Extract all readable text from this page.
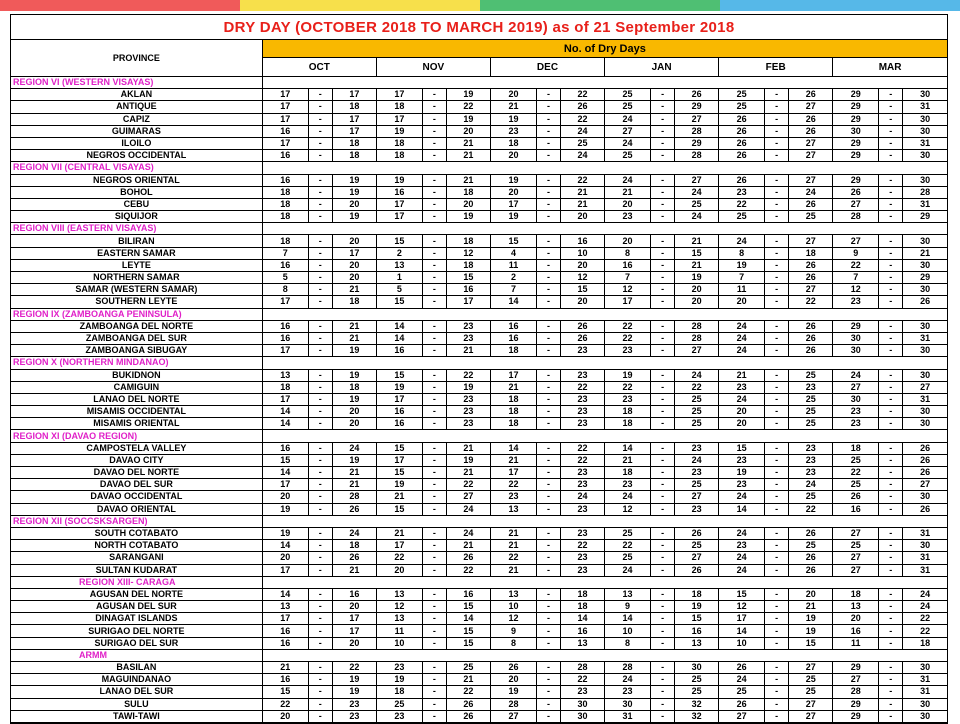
DRY DAY (OCTOBER 2018 TO MARCH 2019) as of 21 September 2018
PROVINCE	No. of Dry Days																	
	OCT			NOV			DEC			JAN			FEB			MAR		
REGION VI (WESTERN VISAYAS)																		
AKLAN	17	-	17	17	-	19	20	-	22	25	-	26	25	-	26	29	-	30
ANTIQUE	17	-	18	18	-	22	21	-	26	25	-	29	25	-	27	29	-	31
CAPIZ	17	-	17	17	-	19	19	-	22	24	-	27	26	-	26	29	-	30
GUIMARAS	16	-	17	19	-	20	23	-	24	27	-	28	26	-	26	30	-	30
ILOILO	17	-	18	18	-	21	18	-	25	24	-	29	26	-	27	29	-	31
NEGROS OCCIDENTAL	16	-	18	18	-	21	20	-	24	25	-	28	26	-	27	29	-	30
REGION VII (CENTRAL VISAYAS)																		
NEGROS ORIENTAL	16	-	19	19	-	21	19	-	22	24	-	27	26	-	27	29	-	30
BOHOL	18	-	19	16	-	18	20	-	21	21	-	24	23	-	24	26	-	28
CEBU	18	-	20	17	-	20	17	-	21	20	-	25	22	-	26	27	-	31
SIQUIJOR	18	-	19	17	-	19	19	-	20	23	-	24	25	-	25	28	-	29
REGION VIII (EASTERN VISAYAS)																		
BILIRAN	18	-	20	15	-	18	15	-	16	20	-	21	24	-	27	27	-	30
EASTERN SAMAR	7	-	17	2	-	12	4	-	10	8	-	15	8	-	18	9	-	21
LEYTE	16	-	20	13	-	18	11	-	20	16	-	21	19	-	26	22	-	30
NORTHERN SAMAR	5	-	20	1	-	15	2	-	12	7	-	19	7	-	26	7	-	29
SAMAR (WESTERN SAMAR)	8	-	21	5	-	16	7	-	15	12	-	20	11	-	27	12	-	30
SOUTHERN LEYTE	17	-	18	15	-	17	14	-	20	17	-	20	20	-	22	23	-	26
REGION IX (ZAMBOANGA PENINSULA)																		
ZAMBOANGA DEL NORTE	16	-	21	14	-	23	16	-	26	22	-	28	24	-	26	29	-	30
ZAMBOANGA DEL SUR	16	-	21	14	-	23	16	-	26	22	-	28	24	-	26	30	-	31
ZAMBOANGA SIBUGAY	17	-	19	16	-	21	18	-	23	23	-	27	24	-	26	30	-	30
REGION X (NORTHERN MINDANAO)																		
BUKIDNON	13	-	19	15	-	22	17	-	23	19	-	24	21	-	25	24	-	30
CAMIGUIN	18	-	18	19	-	19	21	-	22	22	-	22	23	-	23	27	-	27
LANAO DEL NORTE	17	-	19	17	-	23	18	-	23	23	-	25	24	-	25	30	-	31
MISAMIS OCCIDENTAL	14	-	20	16	-	23	18	-	23	18	-	25	20	-	25	23	-	30
MISAMIS ORIENTAL	14	-	20	16	-	23	18	-	23	18	-	25	20	-	25	23	-	30
REGION XI (DAVAO REGION)																		
CAMPOSTELA VALLEY	16	-	24	15	-	21	14	-	22	14	-	23	15	-	23	18	-	26
DAVAO CITY	15	-	19	17	-	19	21	-	22	21	-	24	23	-	23	25	-	26
DAVAO DEL NORTE	14	-	21	15	-	21	17	-	23	18	-	23	19	-	23	22	-	26
DAVAO DEL SUR	17	-	21	19	-	22	22	-	23	23	-	25	23	-	24	25	-	27
DAVAO OCCIDENTAL	20	-	28	21	-	27	23	-	24	24	-	27	24	-	25	26	-	30
DAVAO ORIENTAL	19	-	26	15	-	24	13	-	23	12	-	23	14	-	22	16	-	26
REGION XII (SOCCSKSARGEN)																		
SOUTH COTABATO	19	-	24	21	-	24	21	-	23	25	-	26	24	-	26	27	-	31
NORTH COTABATO	14	-	18	17	-	21	21	-	22	22	-	25	23	-	25	25	-	30
SARANGANI	20	-	26	22	-	26	22	-	23	25	-	27	24	-	26	27	-	31
SULTAN KUDARAT	17	-	21	20	-	22	21	-	23	24	-	26	24	-	26	27	-	31
REGION XIII- CARAGA																		
AGUSAN DEL NORTE	14	-	16	13	-	16	13	-	18	13	-	18	15	-	20	18	-	24
AGUSAN DEL SUR	13	-	20	12	-	15	10	-	18	9	-	19	12	-	21	13	-	24
DINAGAT ISLANDS	17	-	17	13	-	14	12	-	14	14	-	15	17	-	19	20	-	22
SURIGAO DEL NORTE	16	-	17	11	-	15	9	-	16	10	-	16	14	-	19	16	-	22
SURIGAO DEL SUR	16	-	20	10	-	15	8	-	13	8	-	13	10	-	15	11	-	18
ARMM																		
BASILAN	21	-	22	23	-	25	26	-	28	28	-	30	26	-	27	29	-	30
MAGUINDANAO	16	-	19	19	-	21	20	-	22	24	-	25	24	-	25	27	-	31
LANAO DEL SUR	15	-	19	18	-	22	19	-	23	23	-	25	25	-	25	28	-	31
SULU	22	-	23	25	-	26	28	-	30	30	-	32	26	-	27	29	-	30
TAWI-TAWI	20	-	23	23	-	26	27	-	30	31	-	32	27	-	27	29	-	30
